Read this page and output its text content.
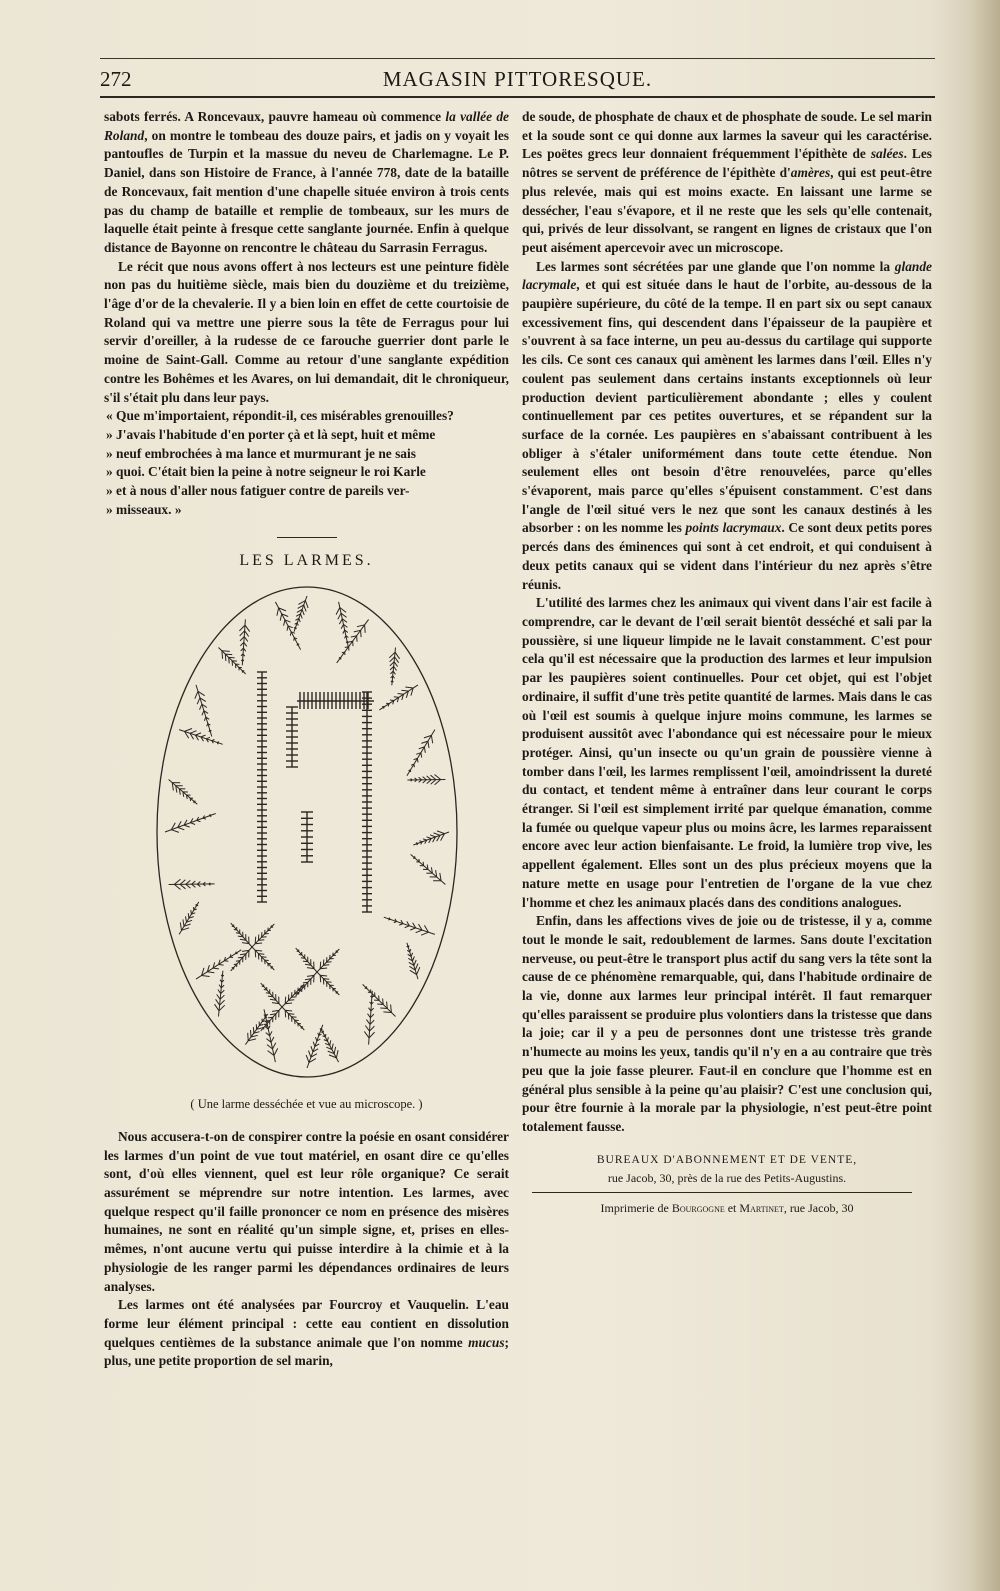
272	MAGASIN PITTORESQUE.

sabots ferrés. A Roncevaux, pauvre hameau où commence la vallée de Roland, on montre le tombeau des douze pairs, et jadis on y voyait les pantoufles de Turpin et la massue du neveu de Charlemagne. Le P. Daniel, dans son Histoire de France, à l'année 778, date de la bataille de Roncevaux, fait mention d'une chapelle située environ à trois cents pas du champ de bataille et remplie de tombeaux, sur les murs de laquelle était peinte à fresque cette sanglante journée. Enfin à quelque distance de Bayonne on rencontre le château du Sarrasin Ferragus.

Le récit que nous avons offert à nos lecteurs est une peinture fidèle non pas du huitième siècle, mais bien du douzième et du treizième, l'âge d'or de la chevalerie. Il y a bien loin en effet de cette courtoisie de Roland qui va mettre une pierre sous la tête de Ferragus pour lui servir d'oreiller, à la rudesse de ce farouche guerrier dont parle le moine de Saint-Gall. Comme au retour d'une sanglante expédition contre les Bohêmes et les Avares, on lui demandait, dit le chroniqueur, s'il s'était plu dans leur pays.

« Que m'importaient, répondit-il, ces misérables grenouilles?
» J'avais l'habitude d'en porter çà et là sept, huit et même
» neuf embrochées à ma lance et murmurant je ne sais
» quoi. C'était bien la peine à notre seigneur le roi Karle
» et à nous d'aller nous fatiguer contre de pareils ver-
» misseaux. »
LES LARMES.
( Une larme desséchée et vue au microscope. )

Nous accusera-t-on de conspirer contre la poésie en osant considérer les larmes d'un point de vue tout matériel, en osant dire ce qu'elles sont, d'où elles viennent, quel est leur rôle organique? Ce serait assurément se méprendre sur notre intention. Les larmes, avec quelque respect qu'il faille prononcer ce nom en présence des misères humaines, ne sont en réalité qu'un simple signe, et, prises en elles-mêmes, n'ont aucune vertu qui puisse interdire à la chimie et à la physiologie de les ranger parmi les dépendances ordinaires de leurs analyses.

Les larmes ont été analysées par Fourcroy et Vauquelin. L'eau forme leur élément principal : cette eau contient en dissolution quelques centièmes de la substance animale que l'on nomme mucus; plus, une petite proportion de sel marin,

de soude, de phosphate de chaux et de phosphate de soude. Le sel marin et la soude sont ce qui donne aux larmes la saveur qui les caractérise. Les poëtes grecs leur donnaient fréquemment l'épithète de salées. Les nôtres se servent de préférence de l'épithète d'amères, qui est peut-être plus relevée, mais qui est moins exacte. En laissant une larme se dessécher, l'eau s'évapore, et il ne reste que les sels qu'elle contenait, qui, privés de leur dissolvant, se rangent en lignes de cristaux que l'on peut aisément apercevoir avec un microscope.

Les larmes sont sécrétées par une glande que l'on nomme la glande lacrymale, et qui est située dans le haut de l'orbite, au-dessous de la paupière supérieure, du côté de la tempe. Il en part six ou sept canaux excessivement fins, qui descendent dans l'épaisseur de la paupière et s'ouvrent à sa face interne, un peu au-dessus du cartilage qui supporte les cils. Ce sont ces canaux qui amènent les larmes dans l'œil. Elles n'y coulent pas seulement dans certains instants exceptionnels où leur production devient particulièrement abondante ; elles y coulent continuellement par ces petites ouvertures, et se répandent sur la surface de la cornée. Les paupières en s'abaissant contribuent à les obliger à s'étaler uniformément dans toute cette étendue. Non seulement elles ont besoin d'être renouvelées, parce qu'elles s'évaporent, mais parce qu'elles s'épuisent constamment. C'est dans l'angle de l'œil situé vers le nez que sont les canaux destinés à les absorber : on les nomme les points lacrymaux. Ce sont deux petits pores percés dans des éminences qui sont à cet endroit, et qui conduisent à deux petits canaux qui se vident dans l'intérieur du nez après s'être réunis.

L'utilité des larmes chez les animaux qui vivent dans l'air est facile à comprendre, car le devant de l'œil serait bientôt desséché et sali par la poussière, si une liqueur limpide ne le lavait constamment. C'est pour cela qu'il est nécessaire que la production des larmes et leur impulsion par les paupières soient continuelles. Pour cet objet, qui est l'objet ordinaire, il suffit d'une très petite quantité de larmes. Mais dans le cas où l'œil est soumis à quelque injure moins commune, les larmes se produisent aussitôt avec l'abondance qui est nécessaire pour le mieux protéger. Ainsi, qu'un insecte ou qu'un grain de poussière vienne à tomber dans l'œil, les larmes remplissent l'œil, amoindrissent la dureté du contact, et tendent même à entraîner dans leur courant le corps étranger. Si l'œil est simplement irrité par quelque émanation, comme la fumée ou quelque vapeur plus ou moins âcre, les larmes reparaissent encore avec leur action bienfaisante. Le froid, la lumière trop vive, les appellent également. Elles sont un des plus précieux moyens que la nature mette en usage pour l'entretien de l'organe de la vue chez l'homme et chez les animaux placés dans des conditions analogues.

Enfin, dans les affections vives de joie ou de tristesse, il y a, comme tout le monde le sait, redoublement de larmes. Sans doute l'excitation nerveuse, ou peut-être le transport plus actif du sang vers la tête sont la cause de ce phénomène remarquable, qui, dans l'habitude ordinaire de la vie, donne aux larmes leur principal intérêt. Il faut remarquer qu'elles paraissent se produire plus volontiers dans la tristesse que dans la joie; car il y a peu de personnes dont une tristesse très grande n'humecte au moins les yeux, tandis qu'il n'y en a au contraire que très peu que la joie fasse pleurer. Faut-il en conclure que l'homme est en général plus sensible à la peine qu'au plaisir? C'est une conclusion qui, pour être fournie à la morale par la physiologie, n'est peut-être point totalement fausse.

BUREAUX D'ABONNEMENT ET DE VENTE,
rue Jacob, 30, près de la rue des Petits-Augustins.
Imprimerie de Bourgogne et Martinet, rue Jacob, 30
